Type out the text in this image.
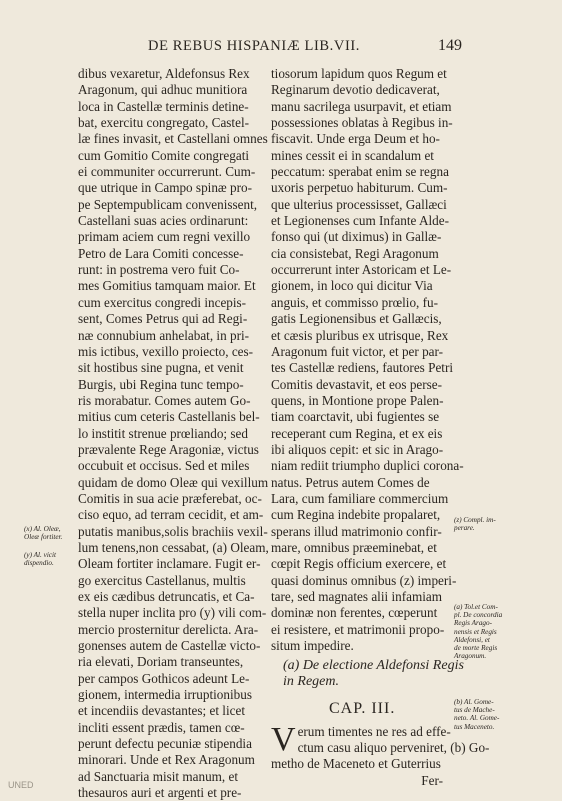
DE REBUS HISPANIÆ LIB.VII.	149
dibus vexaretur, Aldefonsus Rex
Aragonum, qui adhuc munitiora
loca in Castellæ terminis detine-
bat, exercitu congregato, Castel-
læ fines invasit, et Castellani omnes
cum Gomitio Comite congregati
ei communiter occurrerunt. Cum-
que utrique in Campo spinæ pro-
pe Septempublicam convenissent,
Castellani suas acies ordinarunt:
primam aciem cum regni vexillo
Petro de Lara Comiti concesse-
runt: in postrema vero fuit Co-
mes Gomitius tamquam maior. Et
cum exercitus congredi incepis-
sent, Comes Petrus qui ad Regi-
næ connubium anhelabat, in pri-
mis ictibus, vexillo proiecto, ces-
sit hostibus sine pugna, et venit
Burgis, ubi Regina tunc tempo-
ris morabatur. Comes autem Go-
mitius cum ceteris Castellanis bel-
lo institit strenue prœliando; sed
prævalente Rege Aragoniæ, victus
occubuit et occisus. Sed et miles
quidam de domo Oleæ qui vexillum
Comitis in sua acie præferebat, oc-
ciso equo, ad terram cecidit, et am-
putatis manibus,solis brachiis vexil-
lum tenens,non cessabat, (a) Oleam,
Oleam fortiter inclamare. Fugit er-
go exercitus Castellanus, multis
ex eis cædibus detruncatis, et Ca-
stella nuper inclita pro (y) vili com-
mercio prosternitur derelicta. Ara-
gonenses autem de Castellæ victo-
ria elevati, Doriam transeuntes,
per campos Gothicos adeunt Le-
gionem, intermedia irruptionibus
et incendiis devastantes; et licet
incliti essent prædis, tamen cœ-
perunt defectu pecuniæ stipendia
minorari. Unde et Rex Aragonum
ad Sanctuaria misit manum, et
thesauros auri et argenti et pre-
tiosorum lapidum quos Regum et
Reginarum devotio dedicaverat,
manu sacrilega usurpavit, et etiam
possessiones oblatas à Regibus in-
fiscavit. Unde erga Deum et ho-
mines cessit ei in scandalum et
peccatum: sperabat enim se regna
uxoris perpetuo habiturum. Cum-
que ulterius processisset, Gallæci
et Legionenses cum Infante Alde-
fonso qui (ut diximus) in Gallæ-
cia consistebat, Regi Aragonum
occurrerunt inter Astoricam et Le-
gionem, in loco qui dicitur Via
anguis, et commisso prœlio, fu-
gatis Legionensibus et Gallæcis,
et cæsis pluribus ex utrisque, Rex
Aragonum fuit victor, et per par-
tes Castellæ rediens, fautores Petri
Comitis devastavit, et eos perse-
quens, in Montione prope Palen-
tiam coarctavit, ubi fugientes se
receperant cum Regina, et ex eis
ibi aliquos cepit: et sic in Arago-
niam rediit triumpho duplici corona-
natus. Petrus autem Comes de
Lara, cum familiare commercium
cum Regina indebite propalaret,
sperans illud matrimonio confir-
mare, omnibus præeminebat, et
cœpit Regis officium exercere, et
quasi dominus omnibus (z) imperi-
tare, sed magnates alii infamiam
dominæ non ferentes, cœperunt
ei resistere, et matrimonii propo-
situm impedire.
(a) De electione Aldefonsi Regis
in Regem.
CAP. III.
V erum timentes ne res ad effe-
ctum casu aliquo perveniret, (b) Go-
metho de Maceneto et Guterrius
Fer-
(x) Al. Oleæ,
Oleæ fortiter.
(y) Al. vicit
dispendio.
(z) Compl. im-
perare.
(a) Tol.et Com-
pl. De concordia
Regis Arago-
nensis et Regis
Aldefonsi, et
de morte Regis
Aragonum.
(b) Al. Gome-
tus de Mache-
neto. Al. Gome-
tus Maceneto.
UNED
